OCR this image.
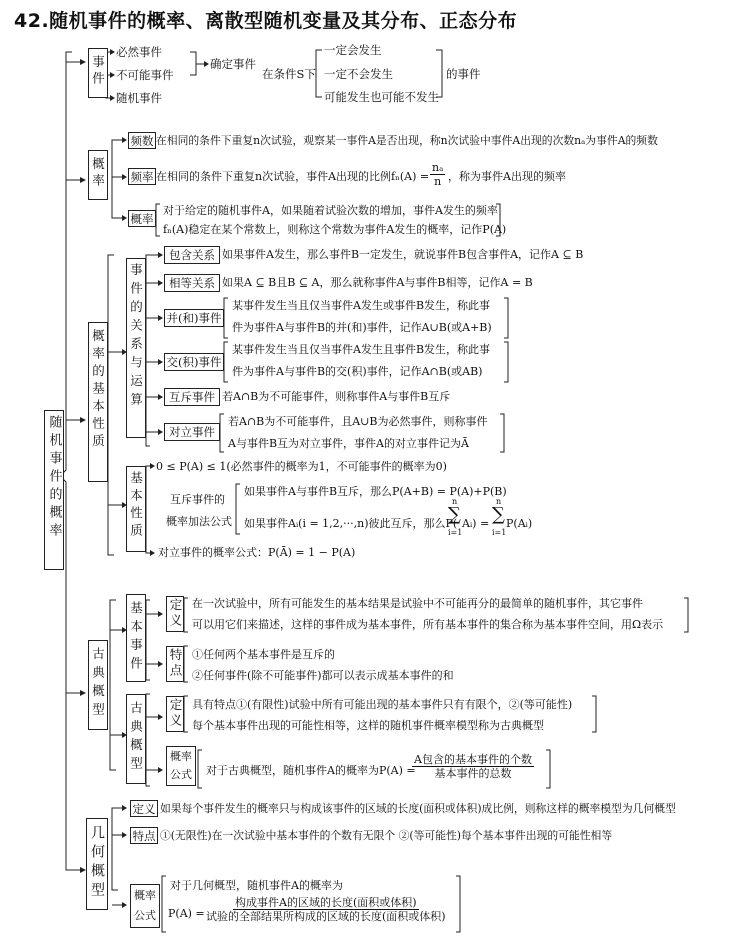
42.随机事件的概率、离散型随机变量及其分布、正态分布
随机事件的概率
事件
必然事件
不可能事件
随机事件
确定事件
在条件S下
一定会发生
一定不会发生
可能发生也可能不发生
的事件
概率
频数 在相同的条件下重复n次试验，观察某一事件A是否出现，称n次试验中事件A出现的次数nₐ为事件A的频数
频率 在相同的条件下重复n次试验，事件A出现的比例$f_n(A) = \frac{\text{nₐ}}{n}$ ，称为事件A出现的频率
概率
对于给定的随机事件A，如果随着试验次数的增加，事件A发生的频率
fₙ(A)稳定在某个常数上，则称这个常数为事件A发生的概率，记作P(A)
概率的基本性质 事件的关系与运算
包含关系 如果事件A发生，那么事件B一定发生，就说事件B包含事件A，记作A ⊆ B
相等关系 如果A ⊆ B且B ⊆ A，那么就称事件A与事件B相等，记作A = B
并(和)事件
某事件发生当且仅当事件A发生或事件B发生，称此事
件为事件A与事件B的并(和)事件，记作A∪B(或A+B)
交(积)事件
某事件发生当且仅当事件A发生且事件B发生，称此事
件为事件A与事件B的交(积)事件，记作A∩B(或AB)
互斥事件 若A∩B为不可能事件，则称事件A与事件B互斥
对立事件
若A∩B为不可能事件，且A∪B为必然事件，则称事件
A与事件B互为对立事件，事件A的对立事件记为Ā
基本性质
0 ≤ P(A) ≤ 1(必然事件的概率为1，不可能事件的概率为0)
互斥事件的
概率加法公式
如果事件A与事件B互斥，那么P(A+B) = P(A)+P(B)
如果事件Aᵢ(i = 1,2,···,n)彼此互斥，那么P(
∑
n
i=1
Aᵢ) = ∑
n
i=1
P(Aᵢ)
对立事件的概率公式：P(Ā) = 1 − P(A)
古典概型
基本事件 定义 在一次试验中，所有可能发生的基本结果是试验中不可能再分的最简单的随机事件，其它事件
可以用它们来描述，这样的事件成为基本事件，所有基本事件的集合称为基本事件空间，用Ω表示
特点 ①任何两个基本事件是互斥的
②任何事件(除不可能事件)都可以表示成基本事件的和
古典概型 定义 具有特点①(有限性)试验中所有可能出现的基本事件只有有限个，②(等可能性)
每个基本事件出现的可能性相等，这样的随机事件概率模型称为古典概型
概率公式 对于古典概型，随机事件A的概率为P(A) =
A包含的基本事件的个数
基本事件的总数
几何概型
定义 如果每个事件发生的概率只与构成该事件的区域的长度(面积或体积)成比例，则称这样的概率模型为几何概型
特点 ①(无限性)在一次试验中基本事件的个数有无限个 ②(等可能性)每个基本事件出现的可能性相等
概率公式
对于几何概型，随机事件A的概率为
P(A) =
构成事件A的区域的长度(面积或体积)
试验的全部结果所构成的区域的长度(面积或体积)
